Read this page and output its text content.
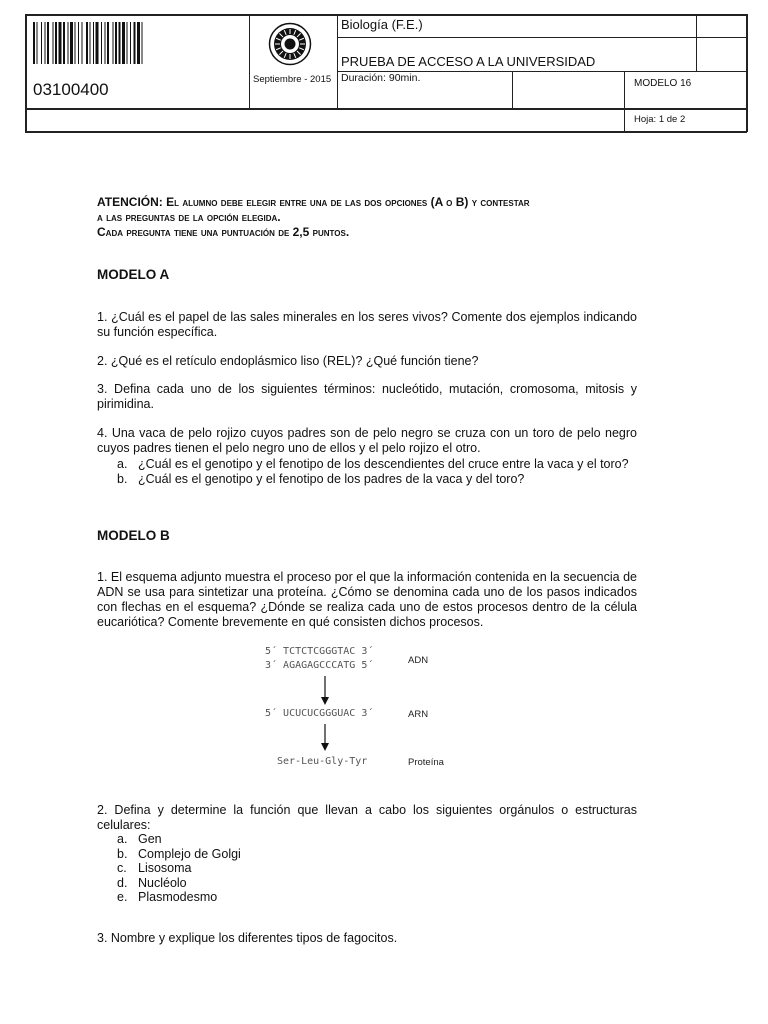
03100400
Biología (F.E.)
PRUEBA DE ACCESO A LA UNIVERSIDAD
Septiembre - 2015 Duración: 90min.	MODELO 16
Hoja: 1 de 2
ATENCIÓN: El alumno debe elegir entre una de las dos opciones (A o B) y contestar
a las preguntas de la opción elegida.
Cada pregunta tiene una puntuación de 2,5 puntos.
MODELO A

1. ¿Cuál es el papel de las sales minerales en los seres vivos? Comente dos ejemplos indicando su función específica.

2. ¿Qué es el retículo endoplásmico liso (REL)? ¿Qué función tiene?

3. Defina cada uno de los siguientes términos: nucleótido, mutación, cromosoma, mitosis y pirimidina.

4. Una vaca de pelo rojizo cuyos padres son de pelo negro se cruza con un toro de pelo negro cuyos padres tienen el pelo negro uno de ellos y el pelo rojizo el otro.

a. ¿Cuál es el genotipo y el fenotipo de los descendientes del cruce entre la vaca y el toro?
b. ¿Cuál es el genotipo y el fenotipo de los padres de la vaca y del toro?
MODELO B

1. El esquema adjunto muestra el proceso por el que la información contenida en la secuencia de ADN se usa para sintetizar una proteína. ¿Cómo se denomina cada uno de los pasos indicados con flechas en el esquema? ¿Dónde se realiza cada uno de estos procesos dentro de la célula eucariótica? Comente brevemente en qué consisten dichos procesos.

5´ TCTCTCGGGTAC 3´
3´ AGAGAGCCCATG 5´	ADN
5´ UCUCUCGGGUAC 3´	ARN
Ser-Leu-Gly-Tyr	Proteína

2. Defina y determine la función que llevan a cabo los siguientes orgánulos o estructuras celulares:

a. Gen
b. Complejo de Golgi
c. Lisosoma
d. Nucléolo
e. Plasmodesmo

3. Nombre y explique los diferentes tipos de fagocitos.
